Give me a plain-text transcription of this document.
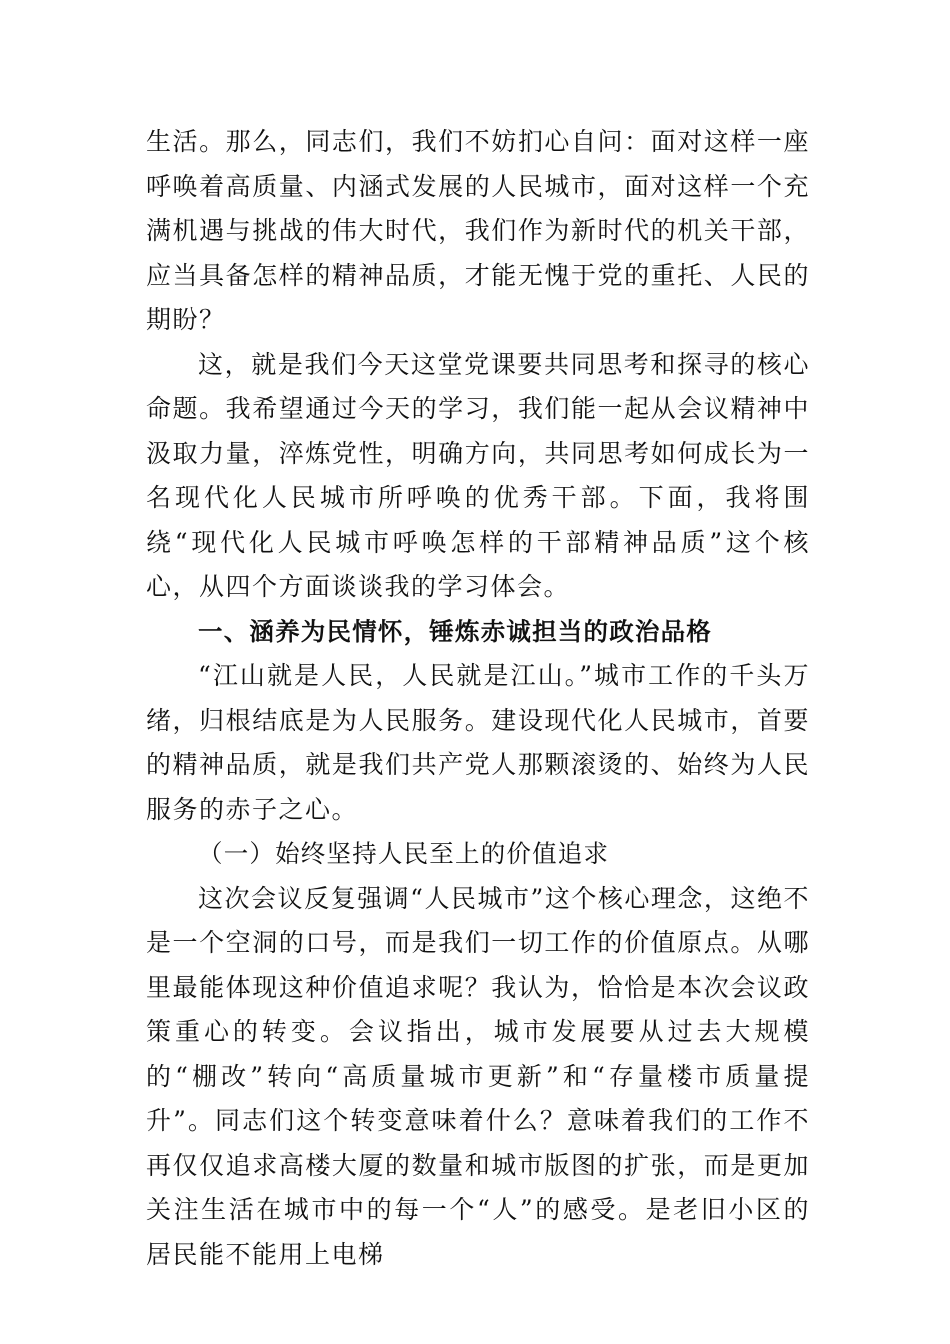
生活。那么，同志们，我们不妨扪心自问：面对这样一座呼唤着高质量、内涵式发展的人民城市，面对这样一个充满机遇与挑战的伟大时代，我们作为新时代的机关干部，应当具备怎样的精神品质，才能无愧于党的重托、人民的期盼？

这，就是我们今天这堂党课要共同思考和探寻的核心命题。我希望通过今天的学习，我们能一起从会议精神中汲取力量，淬炼党性，明确方向，共同思考如何成长为一名现代化人民城市所呼唤的优秀干部。下面，我将围绕“现代化人民城市呼唤怎样的干部精神品质”这个核心，从四个方面谈谈我的学习体会。

一、涵养为民情怀，锤炼赤诚担当的政治品格

“江山就是人民，人民就是江山。”城市工作的千头万绪，归根结底是为人民服务。建设现代化人民城市，首要的精神品质，就是我们共产党人那颗滚烫的、始终为人民服务的赤子之心。

（一）始终坚持人民至上的价值追求

这次会议反复强调“人民城市”这个核心理念，这绝不是一个空洞的口号，而是我们一切工作的价值原点。从哪里最能体现这种价值追求呢？我认为，恰恰是本次会议政策重心的转变。会议指出，城市发展要从过去大规模的“棚改”转向“高质量城市更新”和“存量楼市质量提升”。同志们这个转变意味着什么？意味着我们的工作不再仅仅追求高楼大厦的数量和城市版图的扩张，而是更加关注生活在城市中的每一个“人”的感受。是老旧小区的居民能不能用上电梯
